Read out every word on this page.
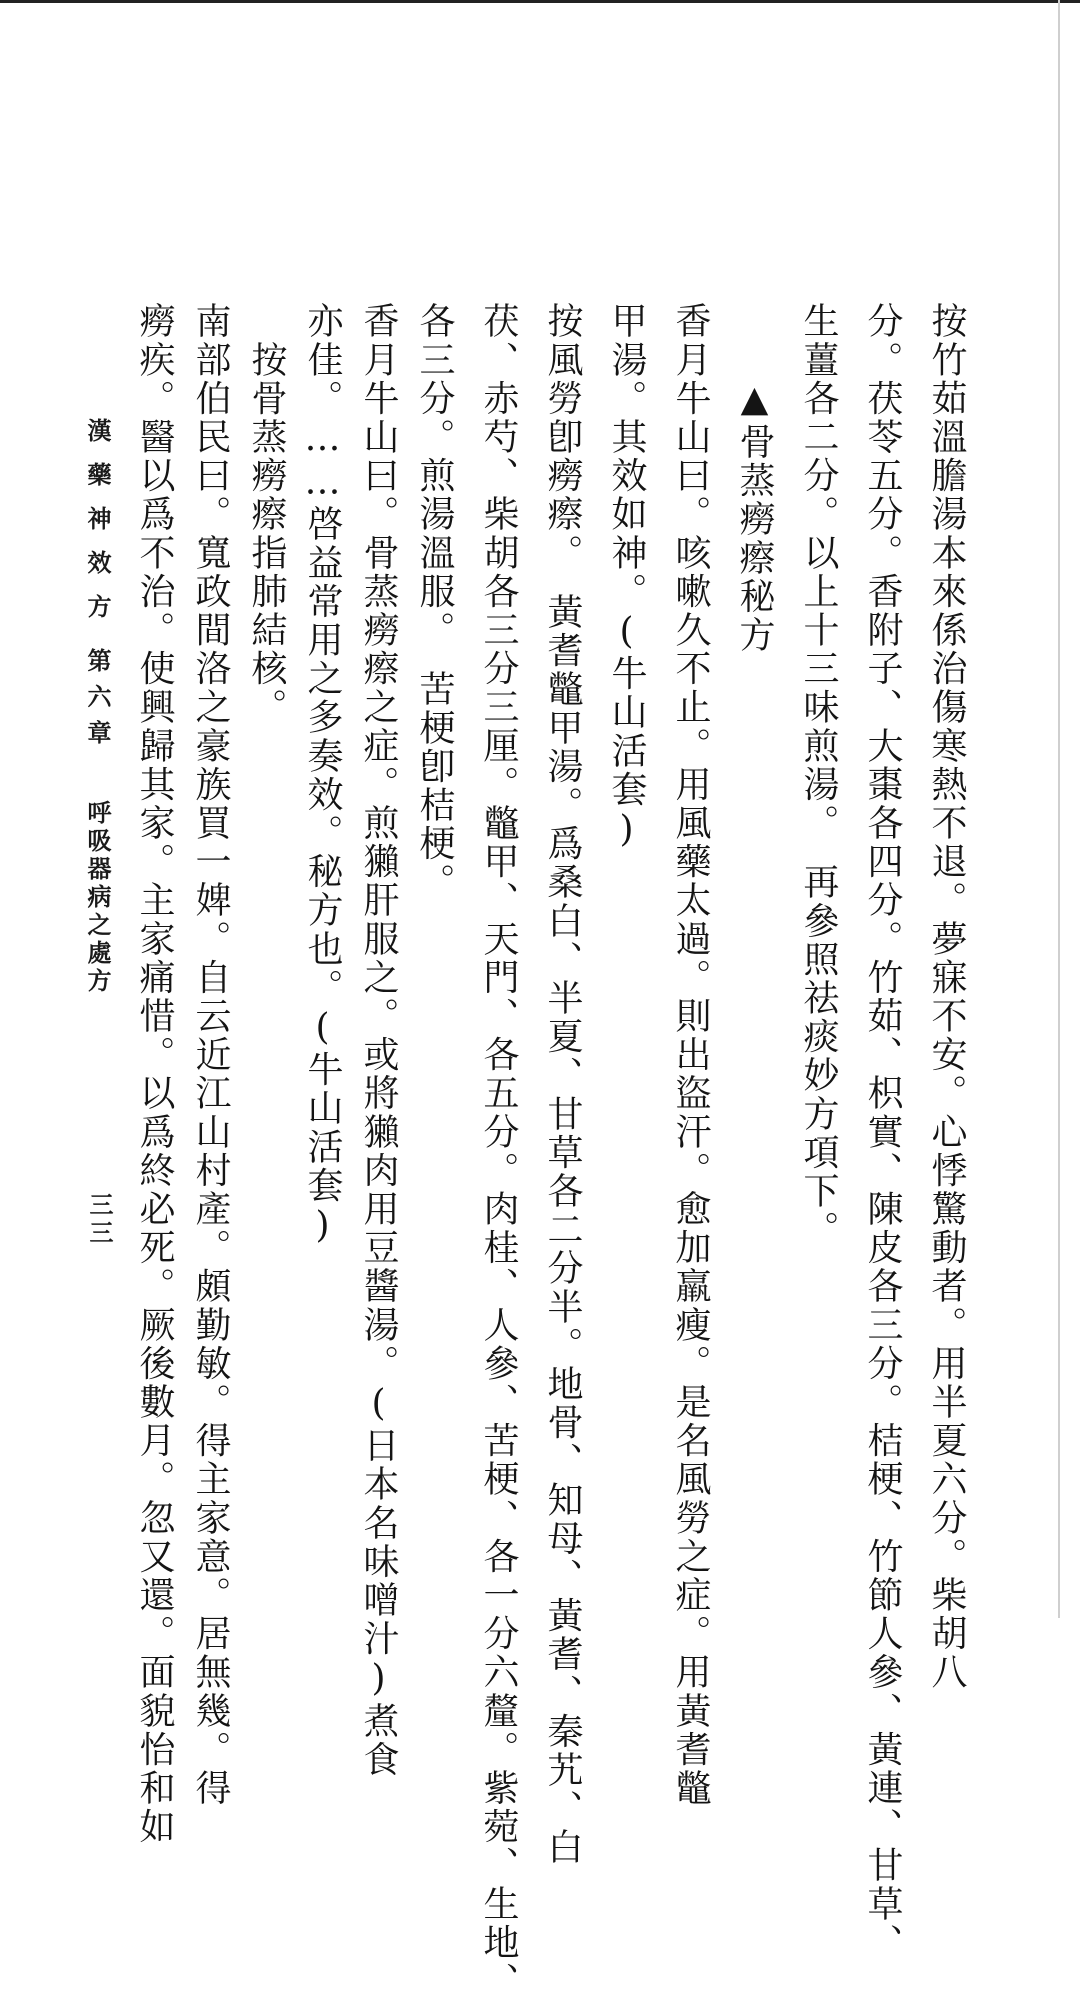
按竹茹溫膽湯本來係治傷寒熱不退。夢寐不安。心悸驚動者。用半夏六分。柴胡八
分。茯苓五分。香附子、大棗各四分。竹茹、枳實、陳皮各三分。桔梗、竹節人參、黃連、甘草、
生薑各二分。以上十三味煎湯。　再參照祛痰妙方項下。
　　▲骨蒸癆瘵秘方
香月牛山曰。咳嗽久不止。用風藥太過。則出盜汗。愈加羸瘦。是名風勞之症。用黃耆鼈
甲湯。其效如神。(牛山活套)
按風勞卽癆瘵。　黃耆鼈甲湯。爲桑白、半夏、甘草各二分半。地骨、知母、黃耆、秦艽、白
茯、赤芍、柴胡各三分三厘。鼈甲、天門、各五分。肉桂、人參、苦梗、各一分六釐。紫菀、生地、
各三分。煎湯溫服。　苦梗卽桔梗。
香月牛山曰。骨蒸癆瘵之症。煎獺肝服之。或將獺肉用豆醬湯。(日本名味噌汁)煮食
亦佳。……啓益常用之多奏效。秘方也。(牛山活套)
　按骨蒸癆瘵指肺結核。
南部伯民曰。寬政間洛之豪族買一婢。自云近江山村產。頗勤敏。得主家意。居無幾。得
癆疾。醫以爲不治。使興歸其家。主家痛惜。以爲終必死。厥後數月。忽又還。面貌怡和如
漢藥神效方
第六章
呼吸器病之處方
三三
